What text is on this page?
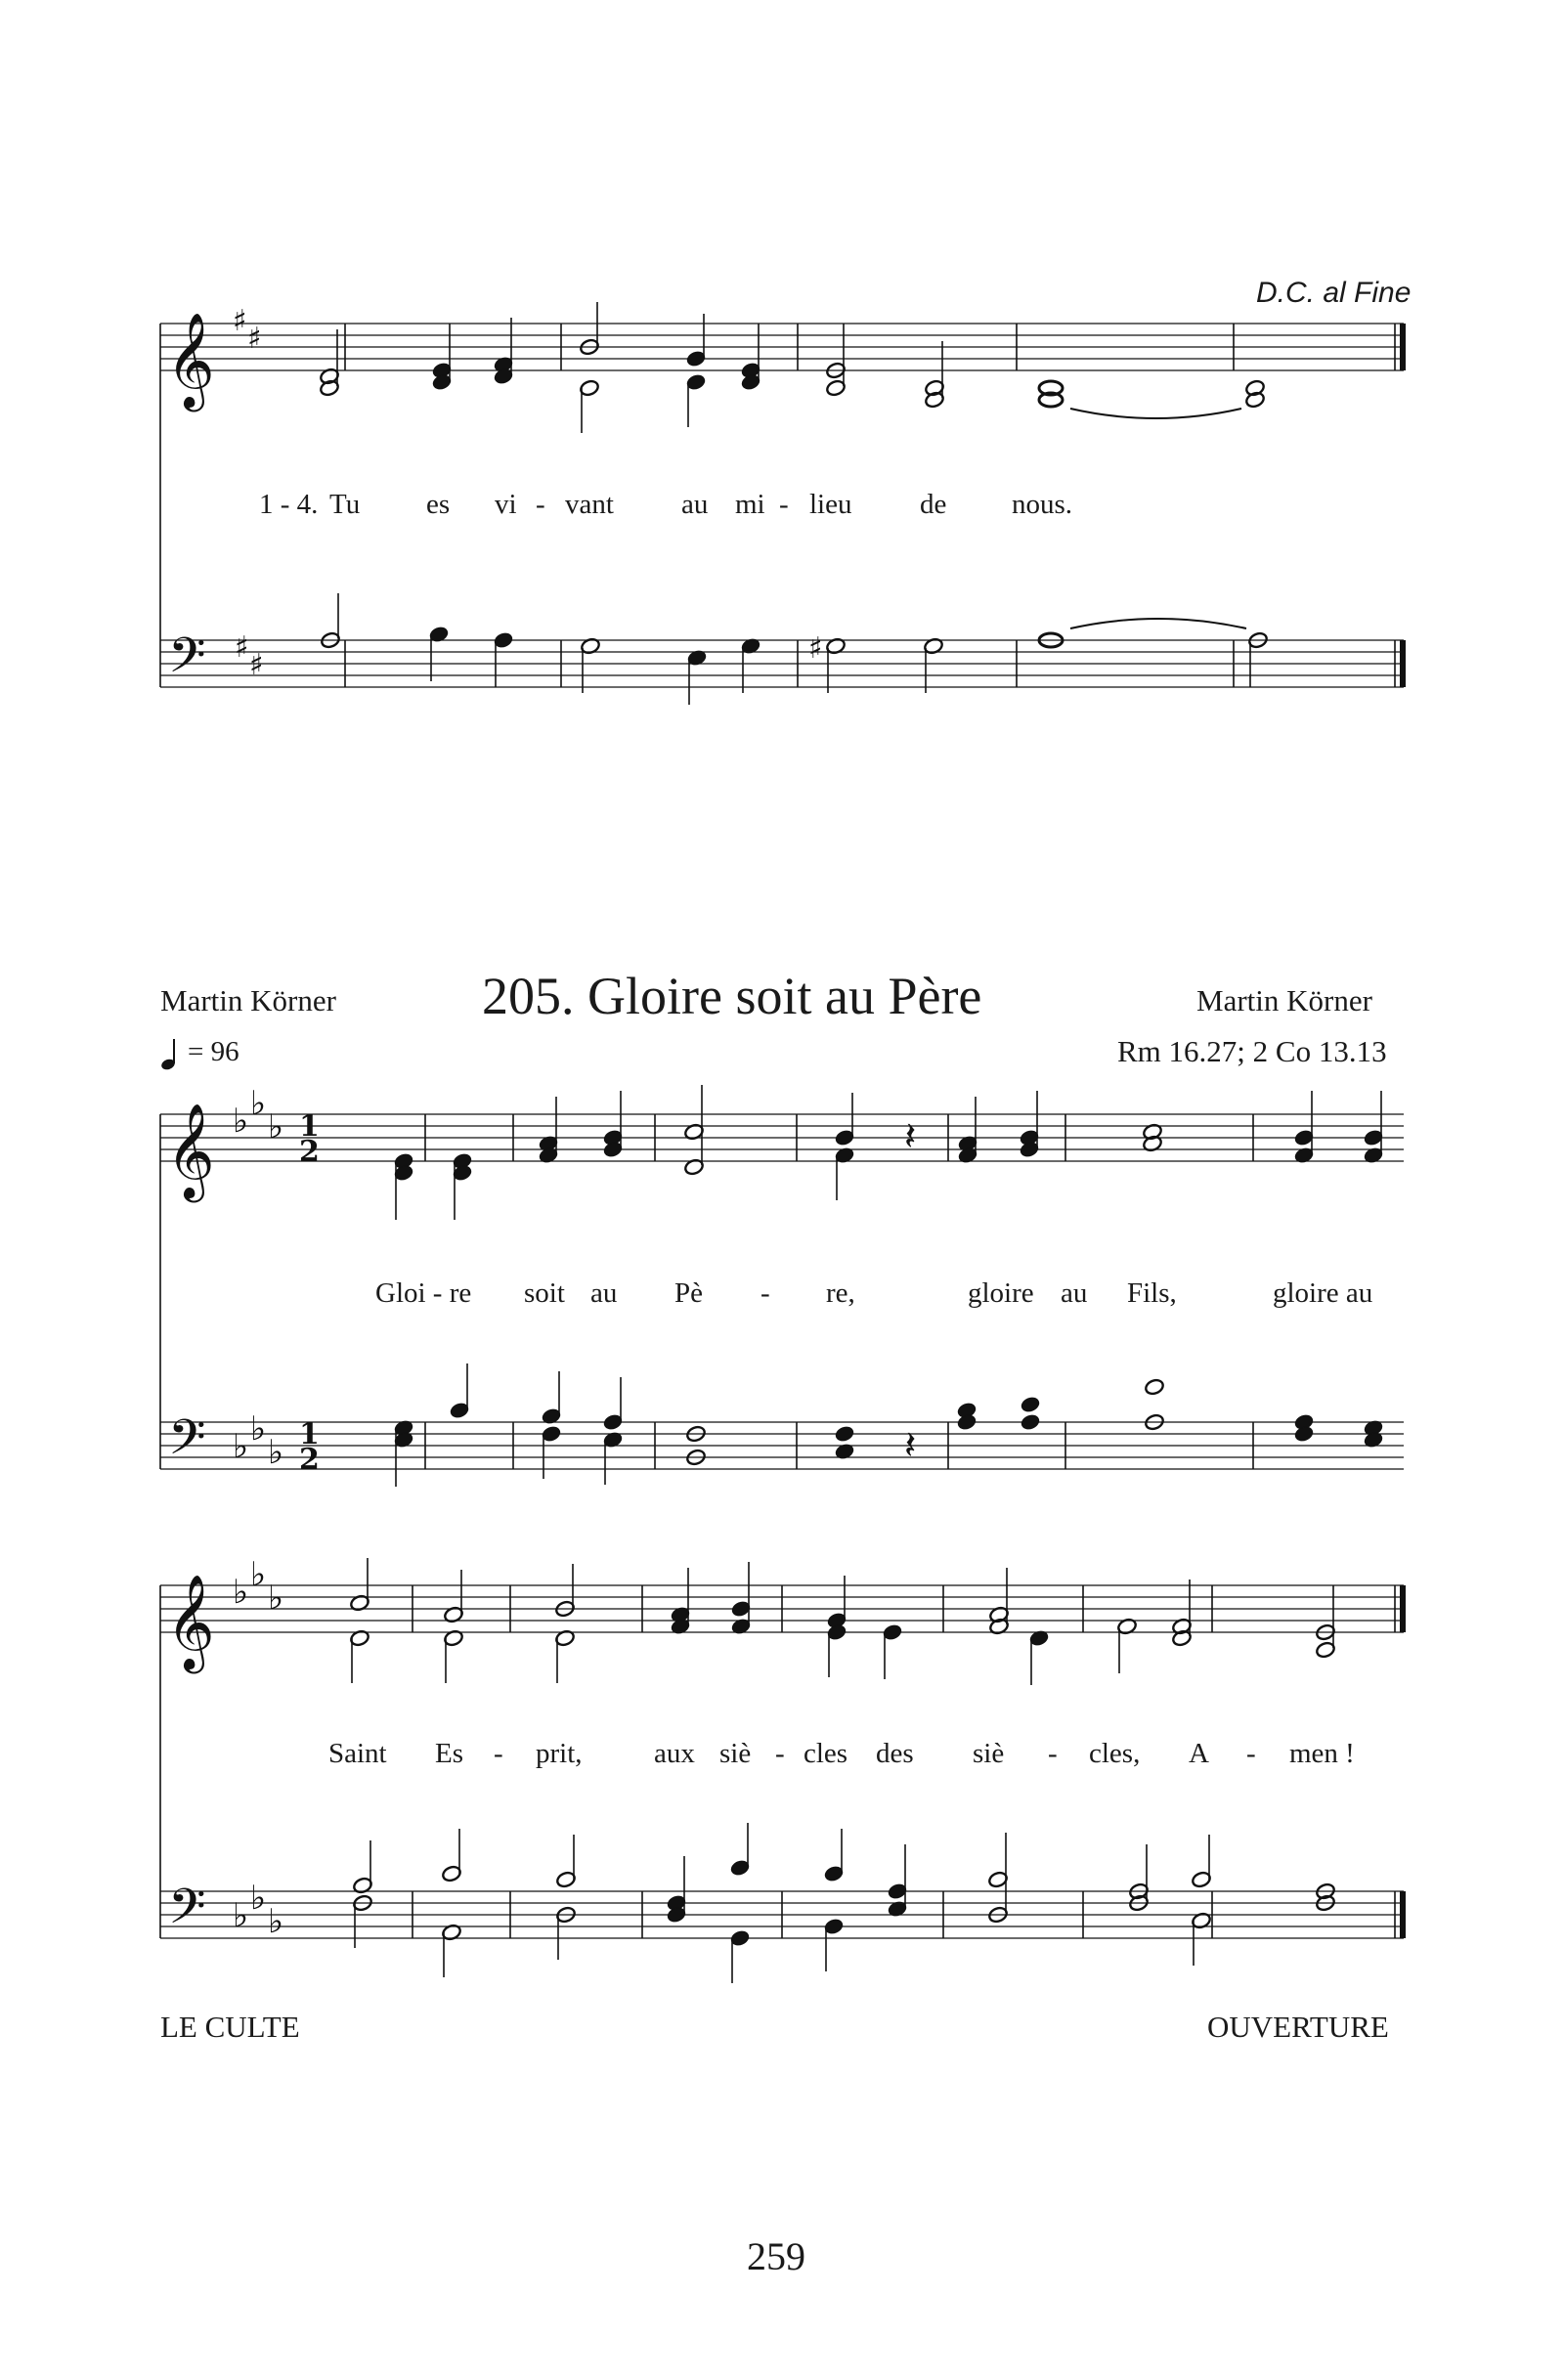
𝄞
𝄢
♯
♯
♯
♯	♯
𝄞
𝄢
♭ ♭
♭
♭ ♭
♭
1
2
1
2
𝄽
𝄽
𝄞
𝄢
♭ ♭
♭
♭ ♭
♭
D.C. al Fine
1 - 4. Tu es vi - vant au mi - lieu de nous.
Martin Körner	205. Gloire soit au Père	Martin Körner
= 96	Rm 16.27; 2 Co 13.13
Gloi - re soit au Pè - re,	gloire au Fils,	gloire au
Saint Es - prit,	aux siè - cles des siè - cles, A - men !
LE CULTE	OUVERTURE
259
